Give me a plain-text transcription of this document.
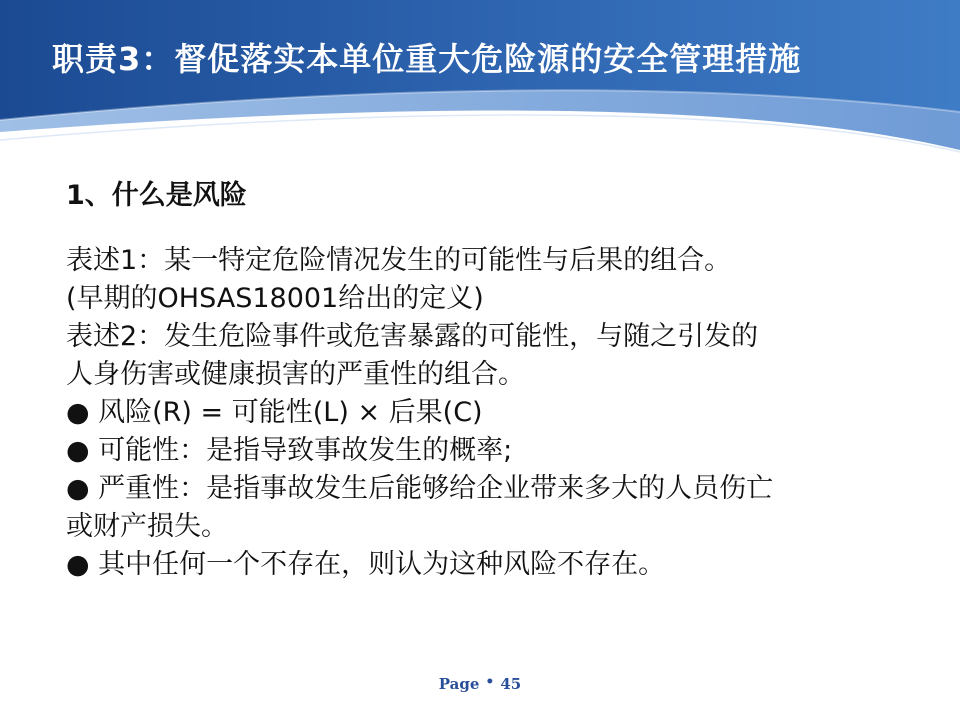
职责3：督促落实本单位重大危险源的安全管理措施
1、什么是风险
表述1：某一特定危险情况发生的可能性与后果的组合。
(早期的OHSAS18001给出的定义)
表述2：发生危险事件或危害暴露的可能性，与随之引发的
人身伤害或健康损害的严重性的组合。
● 风险(R) = 可能性(L) × 后果(C)
● 可能性：是指导致事故发生的概率;
● 严重性：是指事故发生后能够给企业带来多大的人员伤亡
或财产损失。
● 其中任何一个不存在，则认为这种风险不存在。
Page • 45
